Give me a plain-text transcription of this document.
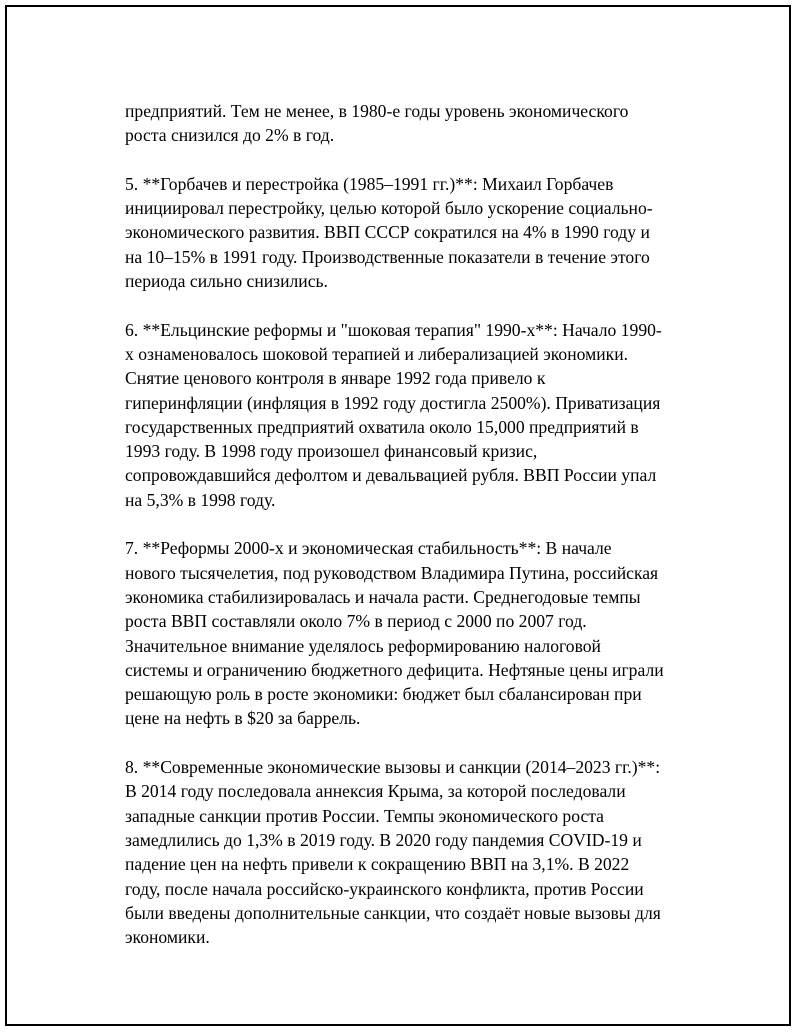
предприятий. Тем не менее, в 1980-е годы уровень экономического
роста снизился до 2% в год.

5. **Горбачев и перестройка (1985–1991 гг.)**: Михаил Горбачев
инициировал перестройку, целью которой было ускорение социально-
экономического развития. ВВП СССР сократился на 4% в 1990 году и
на 10–15% в 1991 году. Производственные показатели в течение этого
периода сильно снизились.

6. **Ельцинские реформы и "шоковая терапия" 1990-х**: Начало 1990-
х ознаменовалось шоковой терапией и либерализацией экономики.
Снятие ценового контроля в январе 1992 года привело к
гиперинфляции (инфляция в 1992 году достигла 2500%). Приватизация
государственных предприятий охватила около 15,000 предприятий в
1993 году. В 1998 году произошел финансовый кризис,
сопровождавшийся дефолтом и девальвацией рубля. ВВП России упал
на 5,3% в 1998 году.

7. **Реформы 2000-х и экономическая стабильность**: В начале
нового тысячелетия, под руководством Владимира Путина, российская
экономика стабилизировалась и начала расти. Среднегодовые темпы
роста ВВП составляли около 7% в период с 2000 по 2007 год.
Значительное внимание уделялось реформированию налоговой
системы и ограничению бюджетного дефицита. Нефтяные цены играли
решающую роль в росте экономики: бюджет был сбалансирован при
цене на нефть в $20 за баррель.

8. **Современные экономические вызовы и санкции (2014–2023 гг.)**:
В 2014 году последовала аннексия Крыма, за которой последовали
западные санкции против России. Темпы экономического роста
замедлились до 1,3% в 2019 году. В 2020 году пандемия COVID-19 и
падение цен на нефть привели к сокращению ВВП на 3,1%. В 2022
году, после начала российско-украинского конфликта, против России
были введены дополнительные санкции, что создаёт новые вызовы для
экономики.
